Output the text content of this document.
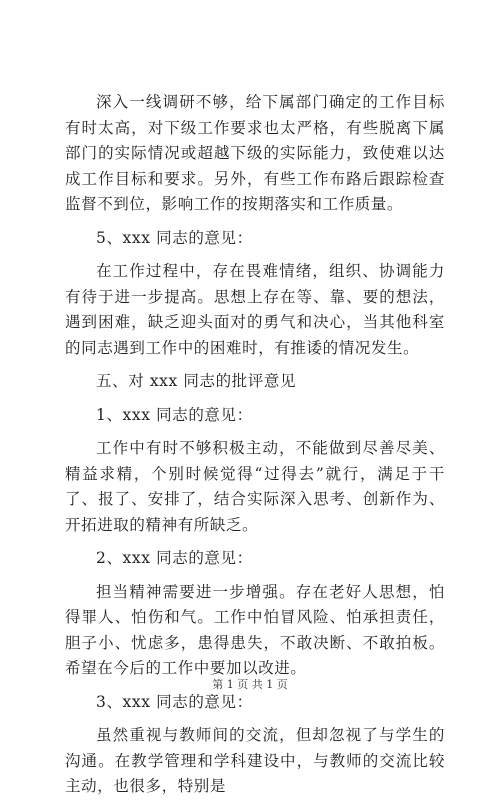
深入一线调研不够，给下属部门确定的工作目标有时太高，对下级工作要求也太严格，有些脱离下属部门的实际情况或超越下级的实际能力，致使难以达成工作目标和要求。另外，有些工作布路后跟踪检查监督不到位，影响工作的按期落实和工作质量。

5、xxx 同志的意见：

在工作过程中，存在畏难情绪，组织、协调能力有待于进一步提高。思想上存在等、靠、要的想法，遇到困难，缺乏迎头面对的勇气和决心，当其他科室的同志遇到工作中的困难时，有推诿的情况发生。

五、对 xxx 同志的批评意见

1、xxx 同志的意见：

工作中有时不够积极主动，不能做到尽善尽美、精益求精，个别时候觉得“过得去”就行，满足于干了、报了、安排了，结合实际深入思考、创新作为、开拓进取的精神有所缺乏。

2、xxx 同志的意见：

担当精神需要进一步增强。存在老好人思想，怕得罪人、怕伤和气。工作中怕冒风险、怕承担责任，胆子小、忧虑多，患得患失，不敢决断、不敢拍板。希望在今后的工作中要加以改进。

3、xxx 同志的意见：

虽然重视与教师间的交流，但却忽视了与学生的沟通。在教学管理和学科建设中，与教师的交流比较主动，也很多，特别是

第 1 页 共 1 页
